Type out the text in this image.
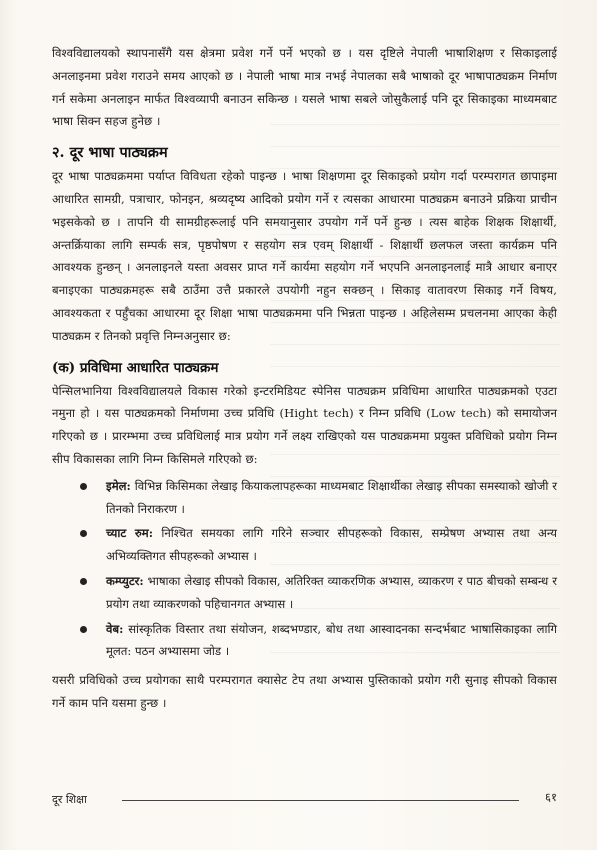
विश्वविद्यालयको स्थापनासँगै यस क्षेत्रमा प्रवेश गर्ने पर्ने भएको छ । यस दृष्टिले नेपाली भाषाशिक्षण र सिकाइलाई अनलाइनमा प्रवेश गराउने समय आएको छ । नेपाली भाषा मात्र नभई नेपालका सबै भाषाको दूर भाषापाठ्यक्रम निर्माण गर्न सकेमा अनलाइन मार्फत विश्वव्यापी बनाउन सकिन्छ । यसले भाषा सबले जोसुकैलाई पनि दूर सिकाइका माध्यमबाट भाषा सिक्न सहज हुनेछ ।

२. दूर भाषा पाठ्यक्रम

दूर भाषा पाठ्यक्रममा पर्याप्त विविधता रहेको पाइन्छ । भाषा शिक्षणमा दूर सिकाइको प्रयोग गर्दा परम्परागत छापाइमा आधारित सामग्री, पत्राचार, फोनइन, श्रव्यदृष्य आदिको प्रयोग गर्ने र त्यसका आधारमा पाठ्यक्रम बनाउने प्रक्रिया प्राचीन भइसकेको छ । तापनि यी सामग्रीहरूलाई पनि समयानुसार उपयोग गर्ने पर्ने हुन्छ । त्यस बाहेक शिक्षक शिक्षार्थी, अन्तर्क्रियाका लागि सम्पर्क सत्र, पृष्ठपोषण र सहयोग सत्र एवम् शिक्षार्थी - शिक्षार्थी छलफल जस्ता कार्यक्रम पनि आवश्यक हुन्छन् । अनलाइनले यस्ता अवसर प्राप्त गर्ने कार्यमा सहयोग गर्ने भएपनि अनलाइनलाई मात्रै आधार बनाएर बनाइएका पाठ्यक्रमहरू सबै ठाउँमा उत्तै प्रकारले उपयोगी नहुन सक्छन् । सिकाइ वातावरण सिकाइ गर्ने विषय, आवश्यकता र पर्हुँचका आधारमा दूर शिक्षा भाषा पाठ्यक्रममा पनि भिन्नता पाइन्छ । अहिलेसम्म प्रचलनमा आएका केही पाठ्यक्रम र तिनको प्रवृत्ति निम्नअनुसार छ:

(क) प्रविधिमा आधारित पाठ्यक्रम

पेन्सिलभानिया विश्वविद्यालयले विकास गरेको इन्टरमिडियट स्पेनिस पाठ्यक्रम प्रविधिमा आधारित पाठ्यक्रमको एउटा नमुना हो । यस पाठ्यक्रमको निर्माणमा उच्च प्रविधि (Hight tech) र निम्न प्रविधि (Low tech) को समायोजन गरिएको छ । प्रारम्भमा उच्च प्रविधिलाई मात्र प्रयोग गर्ने लक्ष्य राखिएको यस पाठ्यक्रममा प्रयुक्त प्रविधिको प्रयोग निम्न सीप विकासका लागि निम्न किसिमले गरिएको छ:

इमेल: विभिन्न किसिमका लेखाइ कियाकलापहरूका माध्यमबाट शिक्षार्थीका लेखाइ सीपका समस्याको खोजी र तिनको निराकरण ।
च्याट रुम: निश्चित समयका लागि गरिने सञ्चार सीपहरूको विकास, सम्प्रेषण अभ्यास तथा अन्य अभिव्यक्तिगत सीपहरूको अभ्यास ।
कम्प्युटर: भाषाका लेखाइ सीपको विकास, अतिरिक्त व्याकरणिक अभ्यास, व्याकरण र पाठ बीचको सम्बन्ध र प्रयोग तथा व्याकरणको पहिचानगत अभ्यास ।
वेब: सांस्कृतिक विस्तार तथा संयोजन, शब्दभण्डार, बोध तथा आस्वादनका सन्दर्भबाट भाषासिकाइका लागि मूलत: पठन अभ्यासमा जोड ।

यसरी प्रविधिको उच्च प्रयोगका साथै परम्परागत क्यासेट टेप तथा अभ्यास पुस्तिकाको प्रयोग गरी सुनाइ सीपको विकास गर्ने काम पनि यसमा हुन्छ ।

दूर शिक्षा	६१
